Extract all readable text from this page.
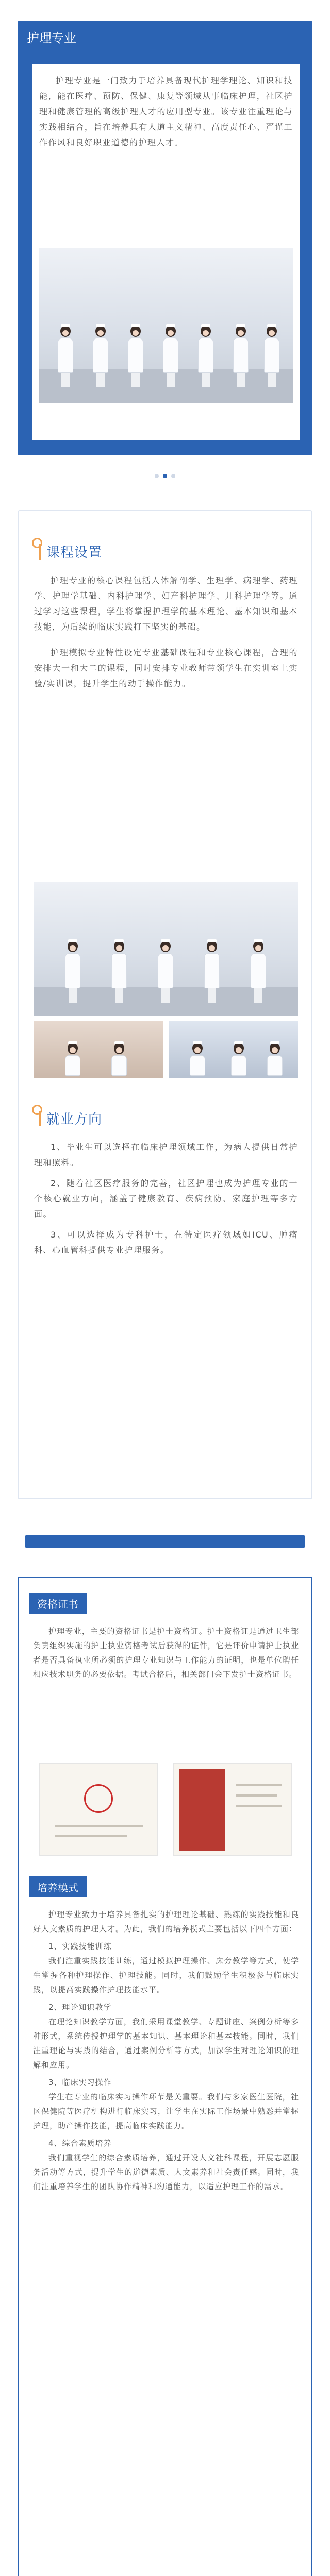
护理专业

护理专业是一门致力于培养具备现代护理学理论、知识和技能，能在医疗、预防、保健、康复等领域从事临床护理，社区护理和健康管理的高级护理人才的应用型专业。该专业注重理论与实践相结合，旨在培养具有人道主义精神、高度责任心、严谨工作作风和良好职业道德的护理人才。

课程设置

护理专业的核心课程包括人体解剖学、生理学、病理学、药理学、护理学基础、内科护理学、妇产科护理学、儿科护理学等。通过学习这些课程，学生将掌握护理学的基本理论、基本知识和基本技能，为后续的临床实践打下坚实的基础。

护理模拟专业特性设定专业基础课程和专业核心课程，合理的安排大一和大二的课程，同时安排专业教师带领学生在实训室上实验/实训课，提升学生的动手操作能力。

就业方向

1、毕业生可以选择在临床护理领域工作，为病人提供日常护理和照料。

2、随着社区医疗服务的完善，社区护理也成为护理专业的一个核心就业方向，涵盖了健康教育、疾病预防、家庭护理等多方面。

3、可以选择成为专科护士，在特定医疗领域如ICU、肿瘤科、心血管科提供专业护理服务。

资格证书

护理专业，主要的资格证书是护士资格证。护士资格证是通过卫生部负责组织实施的护士执业资格考试后获得的证件，它是评价申请护士执业者是否具备执业所必须的护理专业知识与工作能力的证明，也是单位聘任相应技术职务的必要依据。考试合格后，相关部门会下发护士资格证书。

培养模式

护理专业致力于培养具备扎实的护理理论基础、熟练的实践技能和良好人文素质的护理人才。为此，我们的培养模式主要包括以下四个方面：

1、实践技能训练

我们注重实践技能训练，通过模拟护理操作、床旁教学等方式，使学生掌握各种护理操作、护理技能。同时，我们鼓励学生积极参与临床实践，以提高实践操作护理技能水平。

2、理论知识教学

在理论知识教学方面，我们采用课堂教学、专题讲座、案例分析等多种形式，系统传授护理学的基本知识、基本理论和基本技能。同时，我们注重理论与实践的结合，通过案例分析等方式，加深学生对理论知识的理解和应用。

3、临床实习操作

学生在专业的临床实习操作环节是关重要。我们与多家医生医院，社区保健院等医疗机构进行临床实习，让学生在实际工作场景中熟悉并掌握护理，助产操作技能，提高临床实践能力。

4、综合素质培养

我们重视学生的综合素质培养，通过开设人文社科课程，开展志愿服务活动等方式，提升学生的道德素质、人文素养和社会责任感。同时，我们注重培养学生的团队协作精神和沟通能力，以适应护理工作的需求。
